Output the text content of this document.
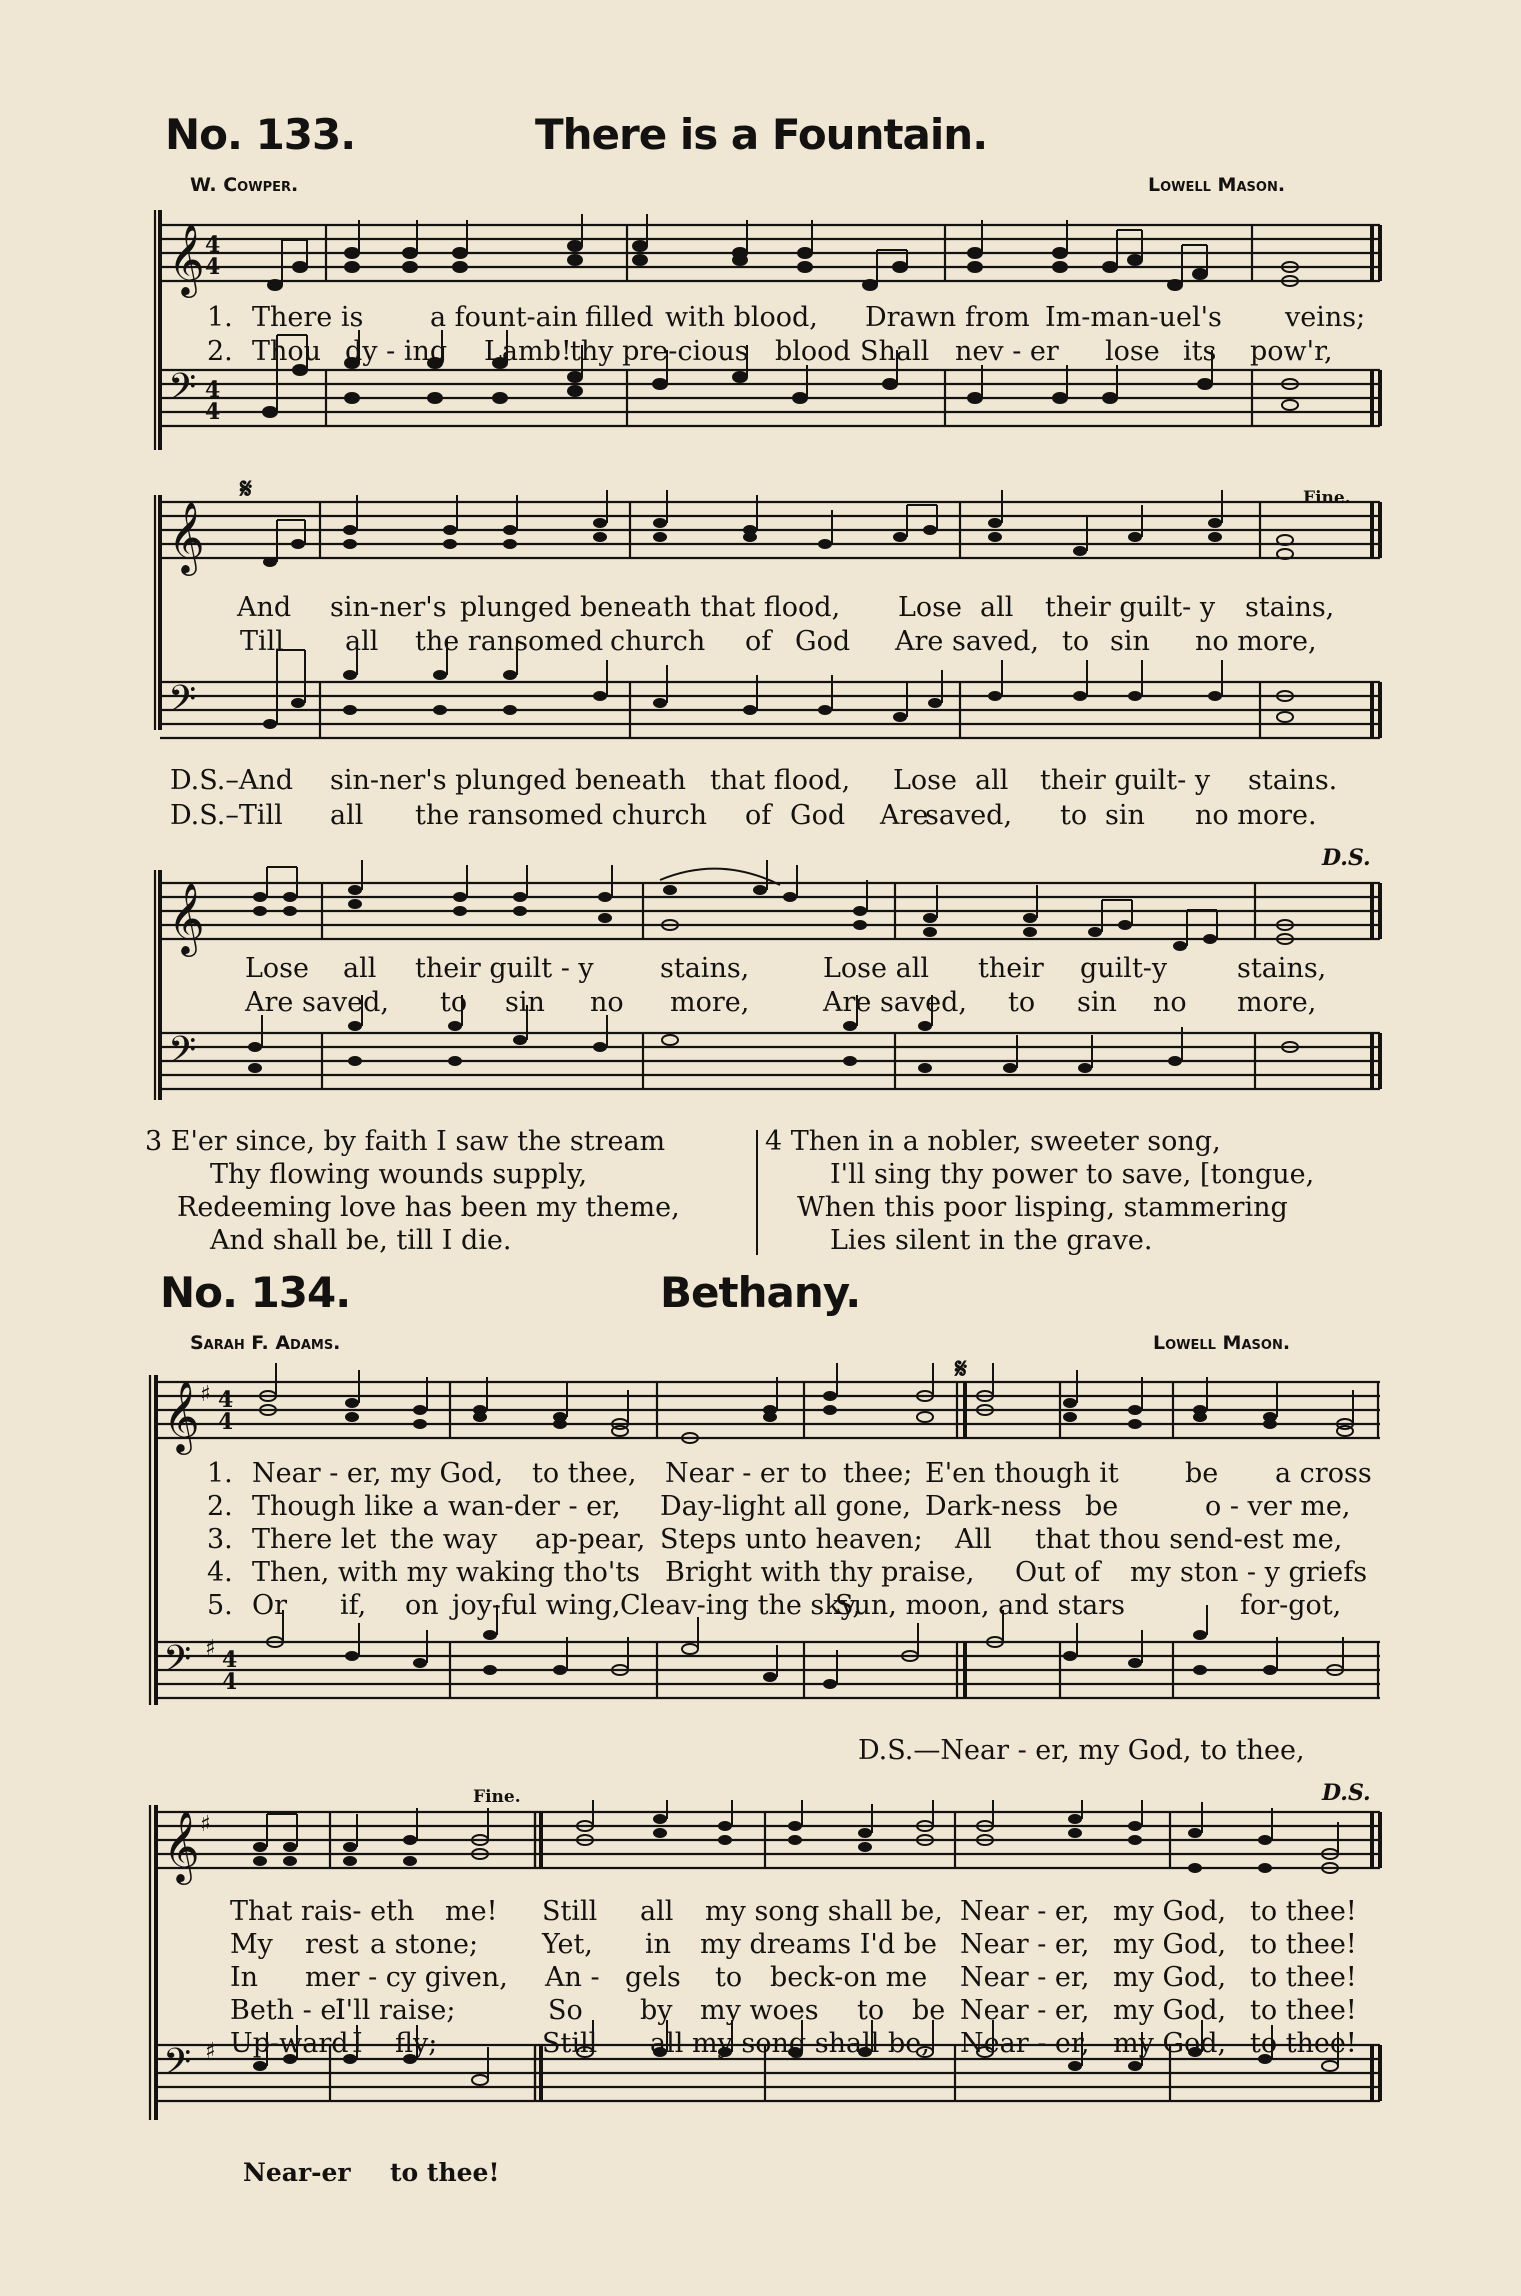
No. 133.	There is a Fountain.
W. Cowper.	Lowell Mason.
𝄞
𝄢
4
4
4
4
1. There is a fount-ain filled with blood, Drawn from Im-man-uel's veins;
2. Thou dy - ing Lamb!
thy pre-cious blood Shall nev - er lose its pow'r,
Fine.
𝄋
𝄞
𝄢
And sin-ner's plunged beneath that flood, Lose all their guilt- y stains,
Till all the ransomed church of God Are saved, to sin no more,
D.S.–And sin-ner's plunged beneath that flood, Lose all their guilt- y stains.
D.S.–Till all the ransomed church of God Are
saved, to sin no more.
D.S.
𝄞
𝄢
Lose all their guilt - y stains,	Lose all their guilt-y	stains,
Are saved, to sin no more,	Are saved, to sin no more,
3 E'er since, by faith I saw the stream
Thy flowing wounds supply,
Redeeming love has been my theme,
And shall be, till I die.
4 Then in a nobler, sweeter song,
I'll sing thy power to save, [tongue,
When this poor lisping, stammering
Lies silent in the grave.
No. 134.	Bethany.
Sarah F. Adams.	Lowell Mason.
𝄞
𝄢
♯
♯
4
4
4
4
𝄋
1. Near - er, my God, to thee, Near - er to thee; E'en though it be a cross
2. Though like a wan-der - er, Day-light all gone, Dark-ness be	o - ver me,
3. There let the way ap-pear, Steps unto heaven; All that thou send-est me,
4. Then, with my waking tho'ts Bright with thy praise, Out of my ston - y griefs
5. Or if, on joy-ful wing, Cleav-ing the sky,
Sun, moon, and stars	for-got,
D.S.—Near - er, my God, to thee,
Fine.	D.S.
𝄞
𝄢
♯
♯
That rais- eth me! Still all my song shall be, Near - er, my God, to thee!
My rest a stone; Yet, in my dreams I'd be Near - er, my God, to thee!
In mer - cy given, An - gels to beck-on me Near - er, my God, to thee!
Beth - el
I'll raise;	So by my woes to be Near - er, my God, to thee!
Up-ward I fly;	Still all my song shall be, Near - er, my God, to thee!
Near-er to thee!
